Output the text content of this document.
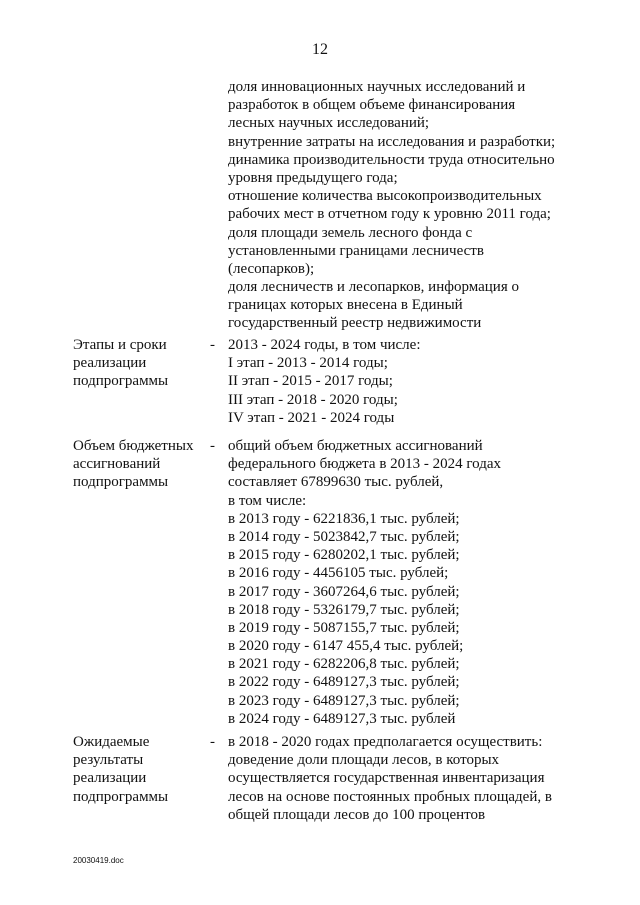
12
доля инновационных научных исследований и
разработок в общем объеме финансирования
лесных научных исследований;
внутренние затраты на исследования и разработки;
динамика производительности труда относительно
уровня предыдущего года;
отношение количества высокопроизводительных
рабочих мест в отчетном году к уровню 2011 года;
доля площади земель лесного фонда с
установленными границами лесничеств
(лесопарков);
доля лесничеств и лесопарков, информация о
границах которых внесена в Единый
государственный реестр недвижимости
Этапы и сроки
реализации
подпрограммы
- 2013 - 2024 годы, в том числе:
I этап - 2013 - 2014 годы;
II этап - 2015 - 2017 годы;
III этап - 2018 - 2020 годы;
IV этап - 2021 - 2024 годы
Объем бюджетных
ассигнований
подпрограммы
- общий объем бюджетных ассигнований
федерального бюджета в 2013 - 2024 годах
составляет 67899630 тыс. рублей,
в том числе:
в 2013 году - 6221836,1 тыс. рублей;
в 2014 году - 5023842,7 тыс. рублей;
в 2015 году - 6280202,1 тыс. рублей;
в 2016 году - 4456105 тыс. рублей;
в 2017 году - 3607264,6 тыс. рублей;
в 2018 году - 5326179,7 тыс. рублей;
в 2019 году - 5087155,7 тыс. рублей;
в 2020 году - 6147 455,4 тыс. рублей;
в 2021 году - 6282206,8 тыс. рублей;
в 2022 году - 6489127,3 тыс. рублей;
в 2023 году - 6489127,3 тыс. рублей;
в 2024 году - 6489127,3 тыс. рублей
Ожидаемые
результаты
реализации
подпрограммы
- в 2018 - 2020 годах предполагается осуществить:
доведение доли площади лесов, в которых
осуществляется государственная инвентаризация
лесов на основе постоянных пробных площадей, в
общей площади лесов до 100 процентов
20030419.doc
